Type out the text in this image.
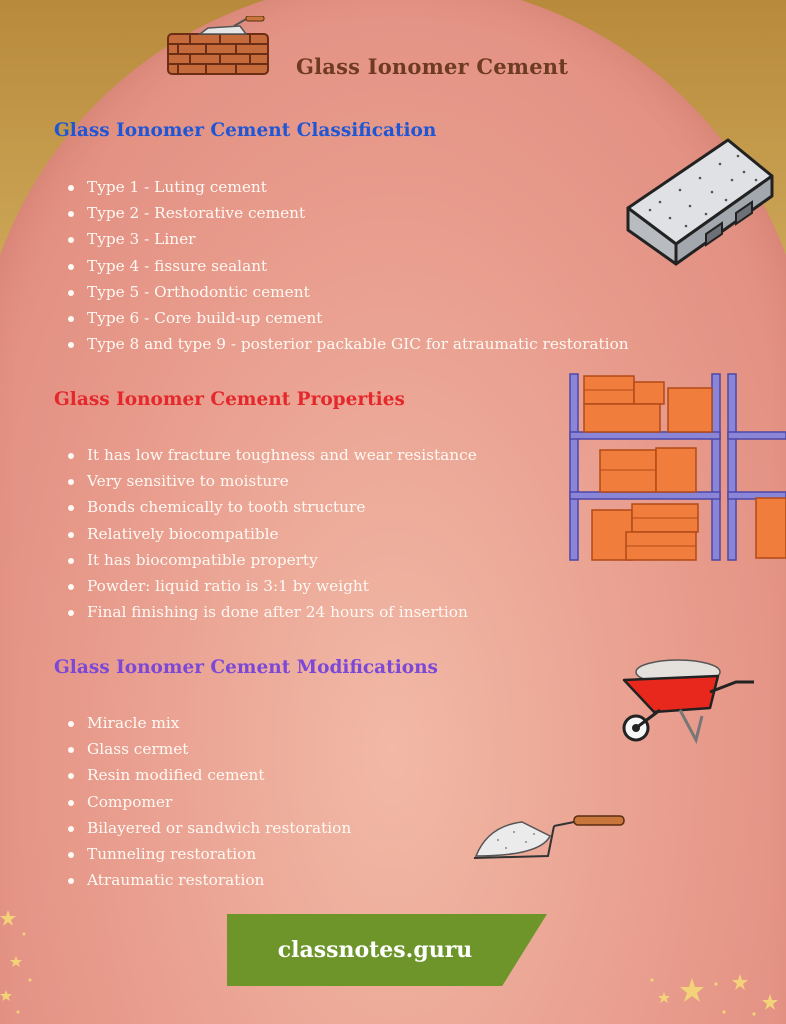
Glass Ionomer Cement
Glass Ionomer Cement Classification
Type 1 - Luting cement
Type 2 - Restorative cement
Type 3 - Liner
Type 4 - fissure sealant
Type 5 - Orthodontic cement
Type 6 - Core build-up cement
Type 8 and type 9 - posterior packable GIC for atraumatic restoration
Glass Ionomer Cement Properties
It has low fracture toughness and wear resistance
Very sensitive to moisture
Bonds chemically to tooth structure
Relatively biocompatible
It has biocompatible property
Powder: liquid ratio is 3:1 by weight
Final finishing is done after 24 hours of insertion
Glass Ionomer Cement Modifications
Miracle mix
Glass cermet
Resin modified cement
Compomer
Bilayered or sandwich restoration
Tunneling restoration
Atraumatic restoration

classnotes.guru
